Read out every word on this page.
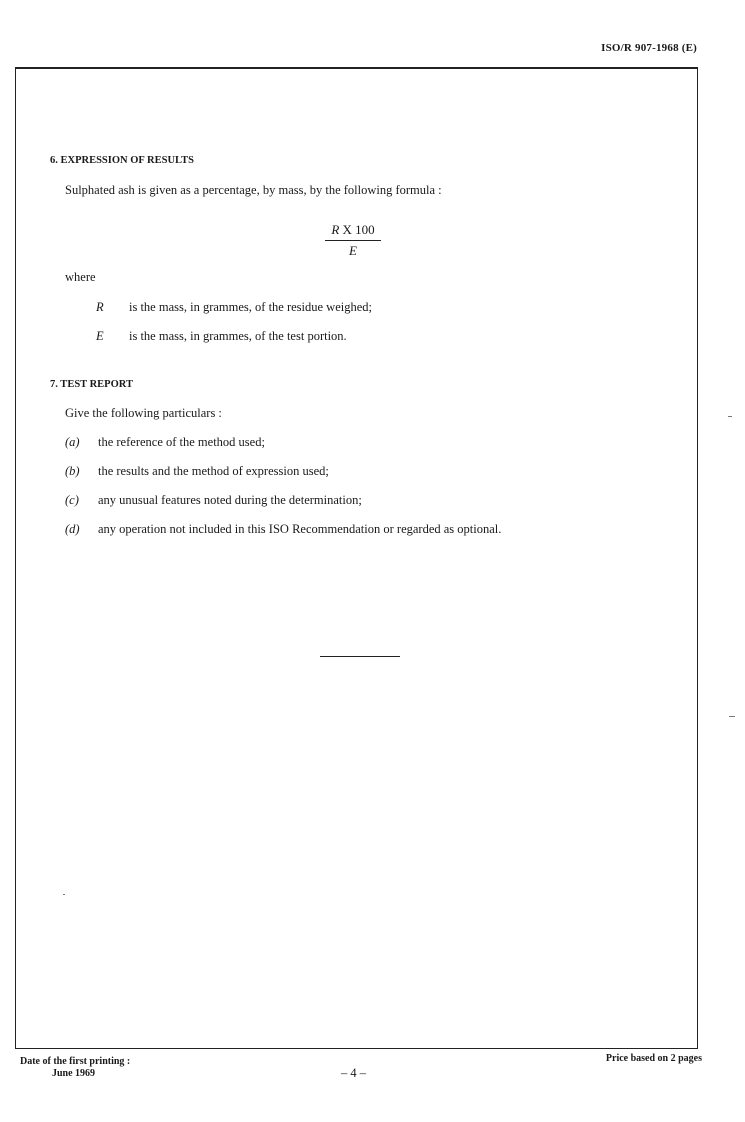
ISO/R 907-1968 (E)
6. EXPRESSION OF RESULTS
Sulphated ash is given as a percentage, by mass, by the following formula :
$\frac{\text{R X 100}}{E}$
where
R is the mass, in grammes, of the residue weighed;
E is the mass, in grammes, of the test portion.
7. TEST REPORT
Give the following particulars :
(a) the reference of the method used;
(b) the results and the method of expression used;
(c) any unusual features noted during the determination;
(d) any operation not included in this ISO Recommendation or regarded as optional.
Date of the first printing :
June 1969	– 4 –
Price based on 2 pages
